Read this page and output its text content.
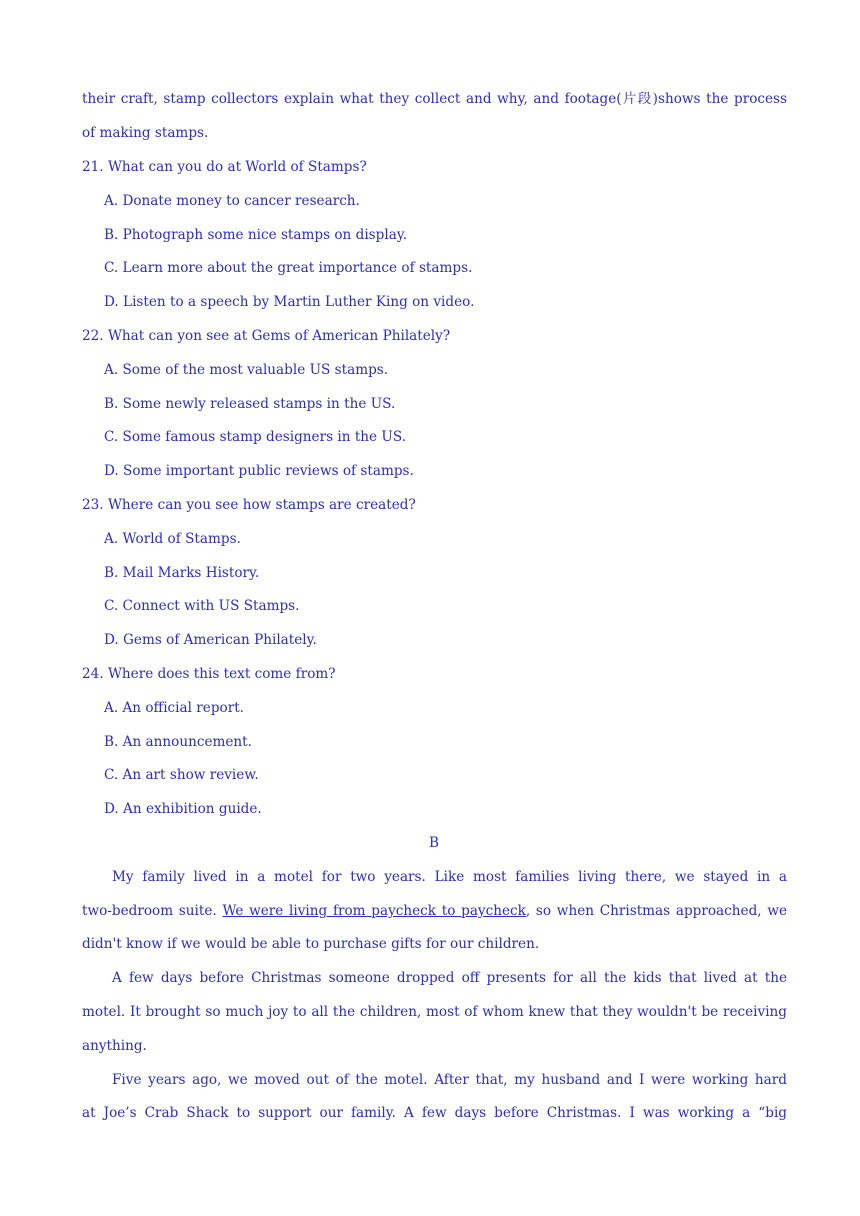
their craft, stamp collectors explain what they collect and why, and footage(片段)shows the process
of making stamps.
21. What can you do at World of Stamps?
A. Donate money to cancer research.
B. Photograph some nice stamps on display.
C. Learn more about the great importance of stamps.
D. Listen to a speech by Martin Luther King on video.
22. What can yon see at Gems of American Philately?
A. Some of the most valuable US stamps.
B. Some newly released stamps in the US.
C. Some famous stamp designers in the US.
D. Some important public reviews of stamps.
23. Where can you see how stamps are created?
A. World of Stamps.
B. Mail Marks History.
C. Connect with US Stamps.
D. Gems of American Philately.
24. Where does this text come from?
A. An official report.
B. An announcement.
C. An art show review.
D. An exhibition guide.
B
My family lived in a motel for two years. Like most families living there, we stayed in a
two-bedroom suite. We were living from paycheck to paycheck, so when Christmas approached, we
didn't know if we would be able to purchase gifts for our children.
A few days before Christmas someone dropped off presents for all the kids that lived at the
motel. It brought so much joy to all the children, most of whom knew that they wouldn't be receiving
anything.
Five years ago, we moved out of the motel. After that, my husband and I were working hard
at Joe’s Crab Shack to support our family. A few days before Christmas. I was working a “big
